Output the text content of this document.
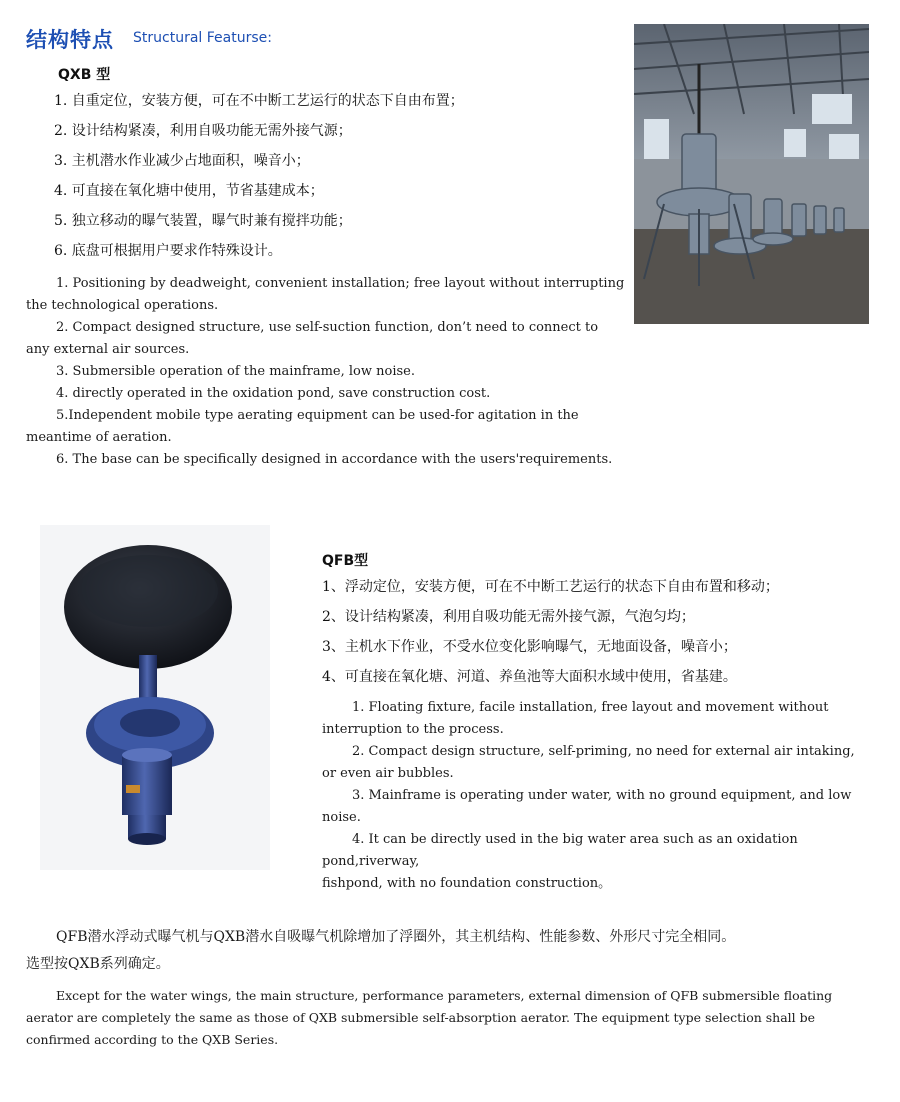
结构特点 Structural Featurse:
QXB 型
1. 自重定位，安装方便，可在不中断工艺运行的状态下自由布置；
2. 设计结构紧凑，利用自吸功能无需外接气源；
3. 主机潜水作业减少占地面积，噪音小；
4. 可直接在氧化塘中使用，节省基建成本；
5. 独立移动的曝气装置，曝气时兼有搅拌功能；
6. 底盘可根据用户要求作特殊设计。

1. Positioning by deadweight, convenient installation; free layout without interrupting
the technological operations.

2. Compact designed structure, use self-suction function, don’t need to connect to
any external air sources.

3. Submersible operation of the mainframe, low noise.

4. directly operated in the oxidation pond, save construction cost.

5.Independent mobile type aerating equipment can be used-for agitation in the
meantime of aeration.

6. The base can be specifically designed in accordance with the users'requirements.

QFB型
1、浮动定位，安装方便，可在不中断工艺运行的状态下自由布置和移动；
2、设计结构紧凑，利用自吸功能无需外接气源，气泡匀均；
3、主机水下作业，不受水位变化影响曝气，无地面设备，噪音小；
4、可直接在氧化塘、河道、养鱼池等大面积水域中使用，省基建。

1. Floating fixture, facile installation, free layout and movement without
interruption to the process.

2. Compact design structure, self-priming, no need for external air intaking,
or even air bubbles.

3. Mainframe is operating under water, with no ground equipment, and low noise.

4. It can be directly used in the big water area such as an oxidation pond,riverway,
fishpond, with no foundation construction。

QFB潜水浮动式曝气机与QXB潜水自吸曝气机除增加了浮圈外，其主机结构、性能参数、外形尺寸完全相同。
选型按QXB系列确定。

Except for the water wings, the main structure, performance parameters, external dimension of QFB submersible floating
aerator are completely the same as those of QXB submersible self-absorption aerator. The equipment type selection shall be
confirmed according to the QXB Series.
